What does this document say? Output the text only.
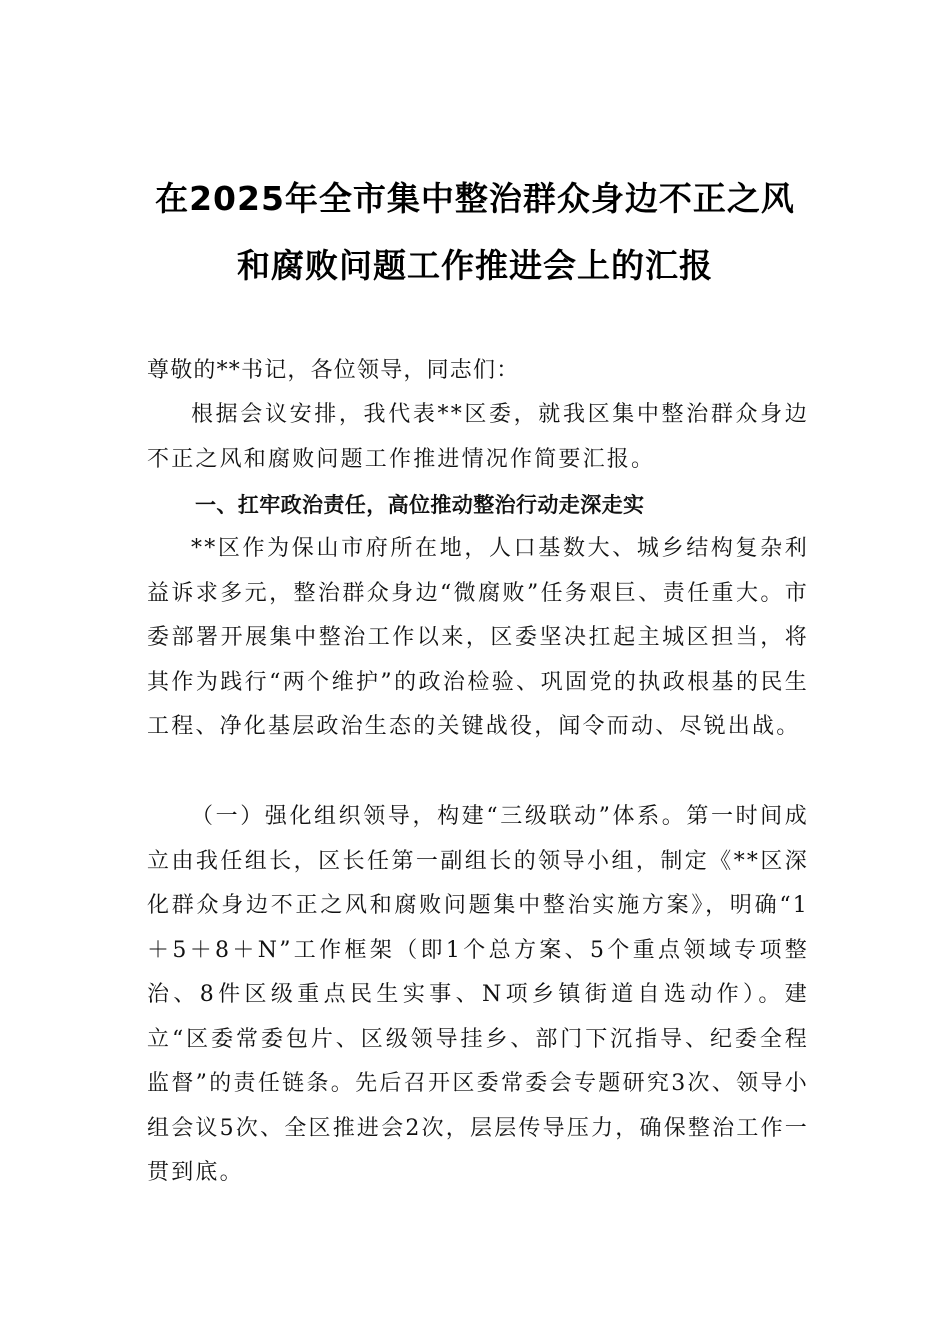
在2025年全市集中整治群众身边不正之风
和腐败问题工作推进会上的汇报
尊敬的**书记，各位领导，同志们：
根据会议安排，我代表**区委，就我区集中整治群众身边不正之风和腐败问题工作推进情况作简要汇报。
一、扛牢政治责任，高位推动整治行动走深走实
**区作为保山市府所在地，人口基数大、城乡结构复杂利益诉求多元，整治群众身边“微腐败”任务艰巨、责任重大。市委部署开展集中整治工作以来，区委坚决扛起主城区担当，将其作为践行“两个维护”的政治检验、巩固党的执政根基的民生工程、净化基层政治生态的关键战役，闻令而动、尽锐出战。
（一）强化组织领导，构建“三级联动”体系。第一时间成立由我任组长，区长任第一副组长的领导小组，制定《**区深化群众身边不正之风和腐败问题集中整治实施方案》，明确“1＋5＋8＋N”工作框架（即1个总方案、5个重点领域专项整治、8件区级重点民生实事、N项乡镇街道自选动作）。建立“区委常委包片、区级领导挂乡、部门下沉指导、纪委全程监督”的责任链条。先后召开区委常委会专题研究3次、领导小组会议5次、全区推进会2次，层层传导压力，确保整治工作一贯到底。
